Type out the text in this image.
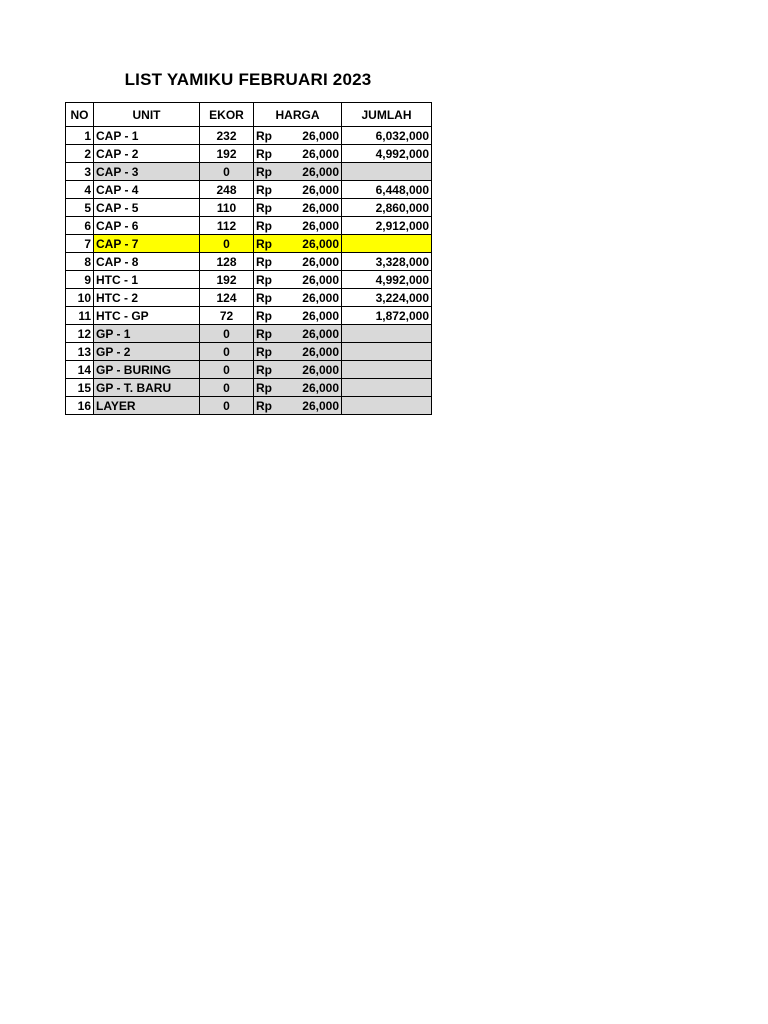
LIST YAMIKU FEBRUARI 2023
NO	UNIT	EKOR	HARGA	JUMLAH
1	CAP - 1	232	Rp 26,000	6,032,000
2	CAP - 2	192	Rp 26,000	4,992,000
3	CAP - 3	0	Rp 26,000	

4	CAP - 4	248	Rp 26,000	6,448,000
5	CAP - 5	110	Rp 26,000	2,860,000
6	CAP - 6	112	Rp 26,000	2,912,000
7	CAP - 7	0	Rp 26,000	

8	CAP - 8	128	Rp 26,000	3,328,000
9	HTC - 1	192	Rp 26,000	4,992,000
10	HTC - 2	124	Rp 26,000	3,224,000
11	HTC - GP	72	Rp 26,000	1,872,000
12	GP - 1	0	Rp 26,000	

13	GP - 2	0	Rp 26,000	

14	GP - BURING	0	Rp 26,000	

15	GP - T. BARU	0	Rp 26,000	

16	LAYER	0	Rp 26,000	
